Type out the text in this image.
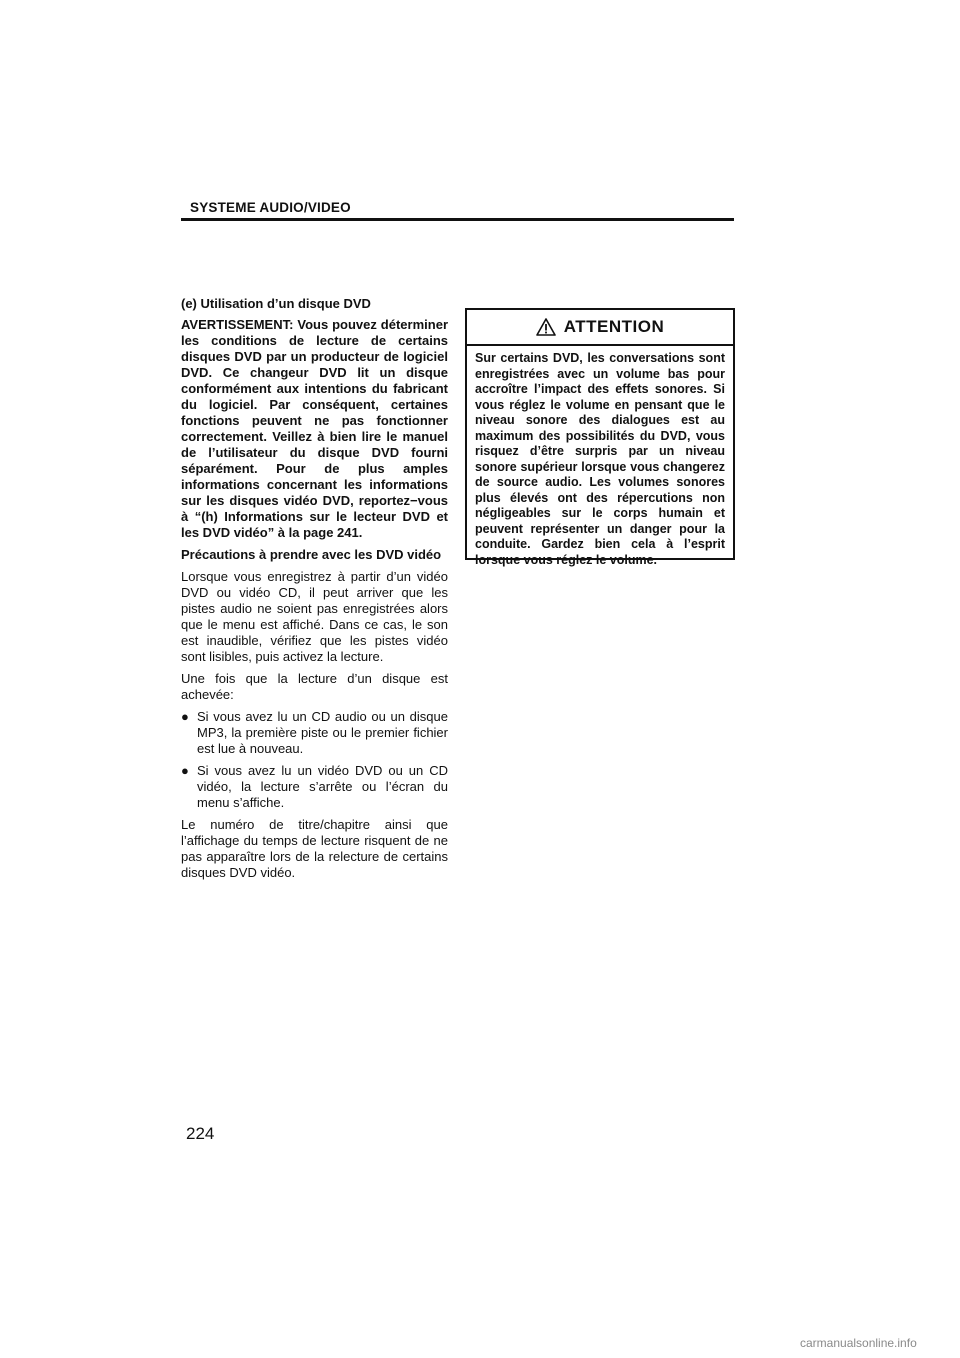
SYSTEME AUDIO/VIDEO

(e) Utilisation d’un disque DVD

AVERTISSEMENT: Vous pouvez déterminer les conditions de lecture de certains disques DVD par un producteur de logiciel DVD. Ce changeur DVD lit un disque conformément aux intentions du fabricant du logiciel. Par conséquent, certaines fonctions peuvent ne pas fonctionner correctement. Veillez à bien lire le manuel de l’utilisateur du disque DVD fourni séparément. Pour de plus amples informations concernant les informations sur les disques vidéo DVD, reportez−vous à “(h) Informations sur le lecteur DVD et les DVD vidéo” à la page 241.

Précautions à prendre avec les DVD vidéo

Lorsque vous enregistrez à partir d’un vidéo DVD ou vidéo CD, il peut arriver que les pistes audio ne soient pas enregistrées alors que le menu est affiché. Dans ce cas, le son est inaudible, vérifiez que les pistes vidéo sont lisibles, puis activez la lecture.

Une fois que la lecture d’un disque est achevée:

● Si vous avez lu un CD audio ou un disque MP3, la première piste ou le premier fichier est lue à nouveau.
● Si vous avez lu un vidéo DVD ou un CD vidéo, la lecture s’arrête ou l’écran du menu s’affiche.

Le numéro de titre/chapitre ainsi que l’affichage du temps de lecture risquent de ne pas apparaître lors de la relecture de certains disques DVD vidéo.

ATTENTION
Sur certains DVD, les conversations sont enregistrées avec un volume bas pour accroître l’impact des effets sonores. Si vous réglez le volume en pensant que le niveau sonore des dialogues est au maximum des possibilités du DVD, vous risquez d’être surpris par un niveau sonore supérieur lorsque vous changerez de source audio. Les volumes sonores plus élevés ont des répercutions non négligeables sur le corps humain et peuvent représenter un danger pour la conduite. Gardez bien cela à l’esprit lorsque vous réglez le volume.
224
carmanualsonline.info
